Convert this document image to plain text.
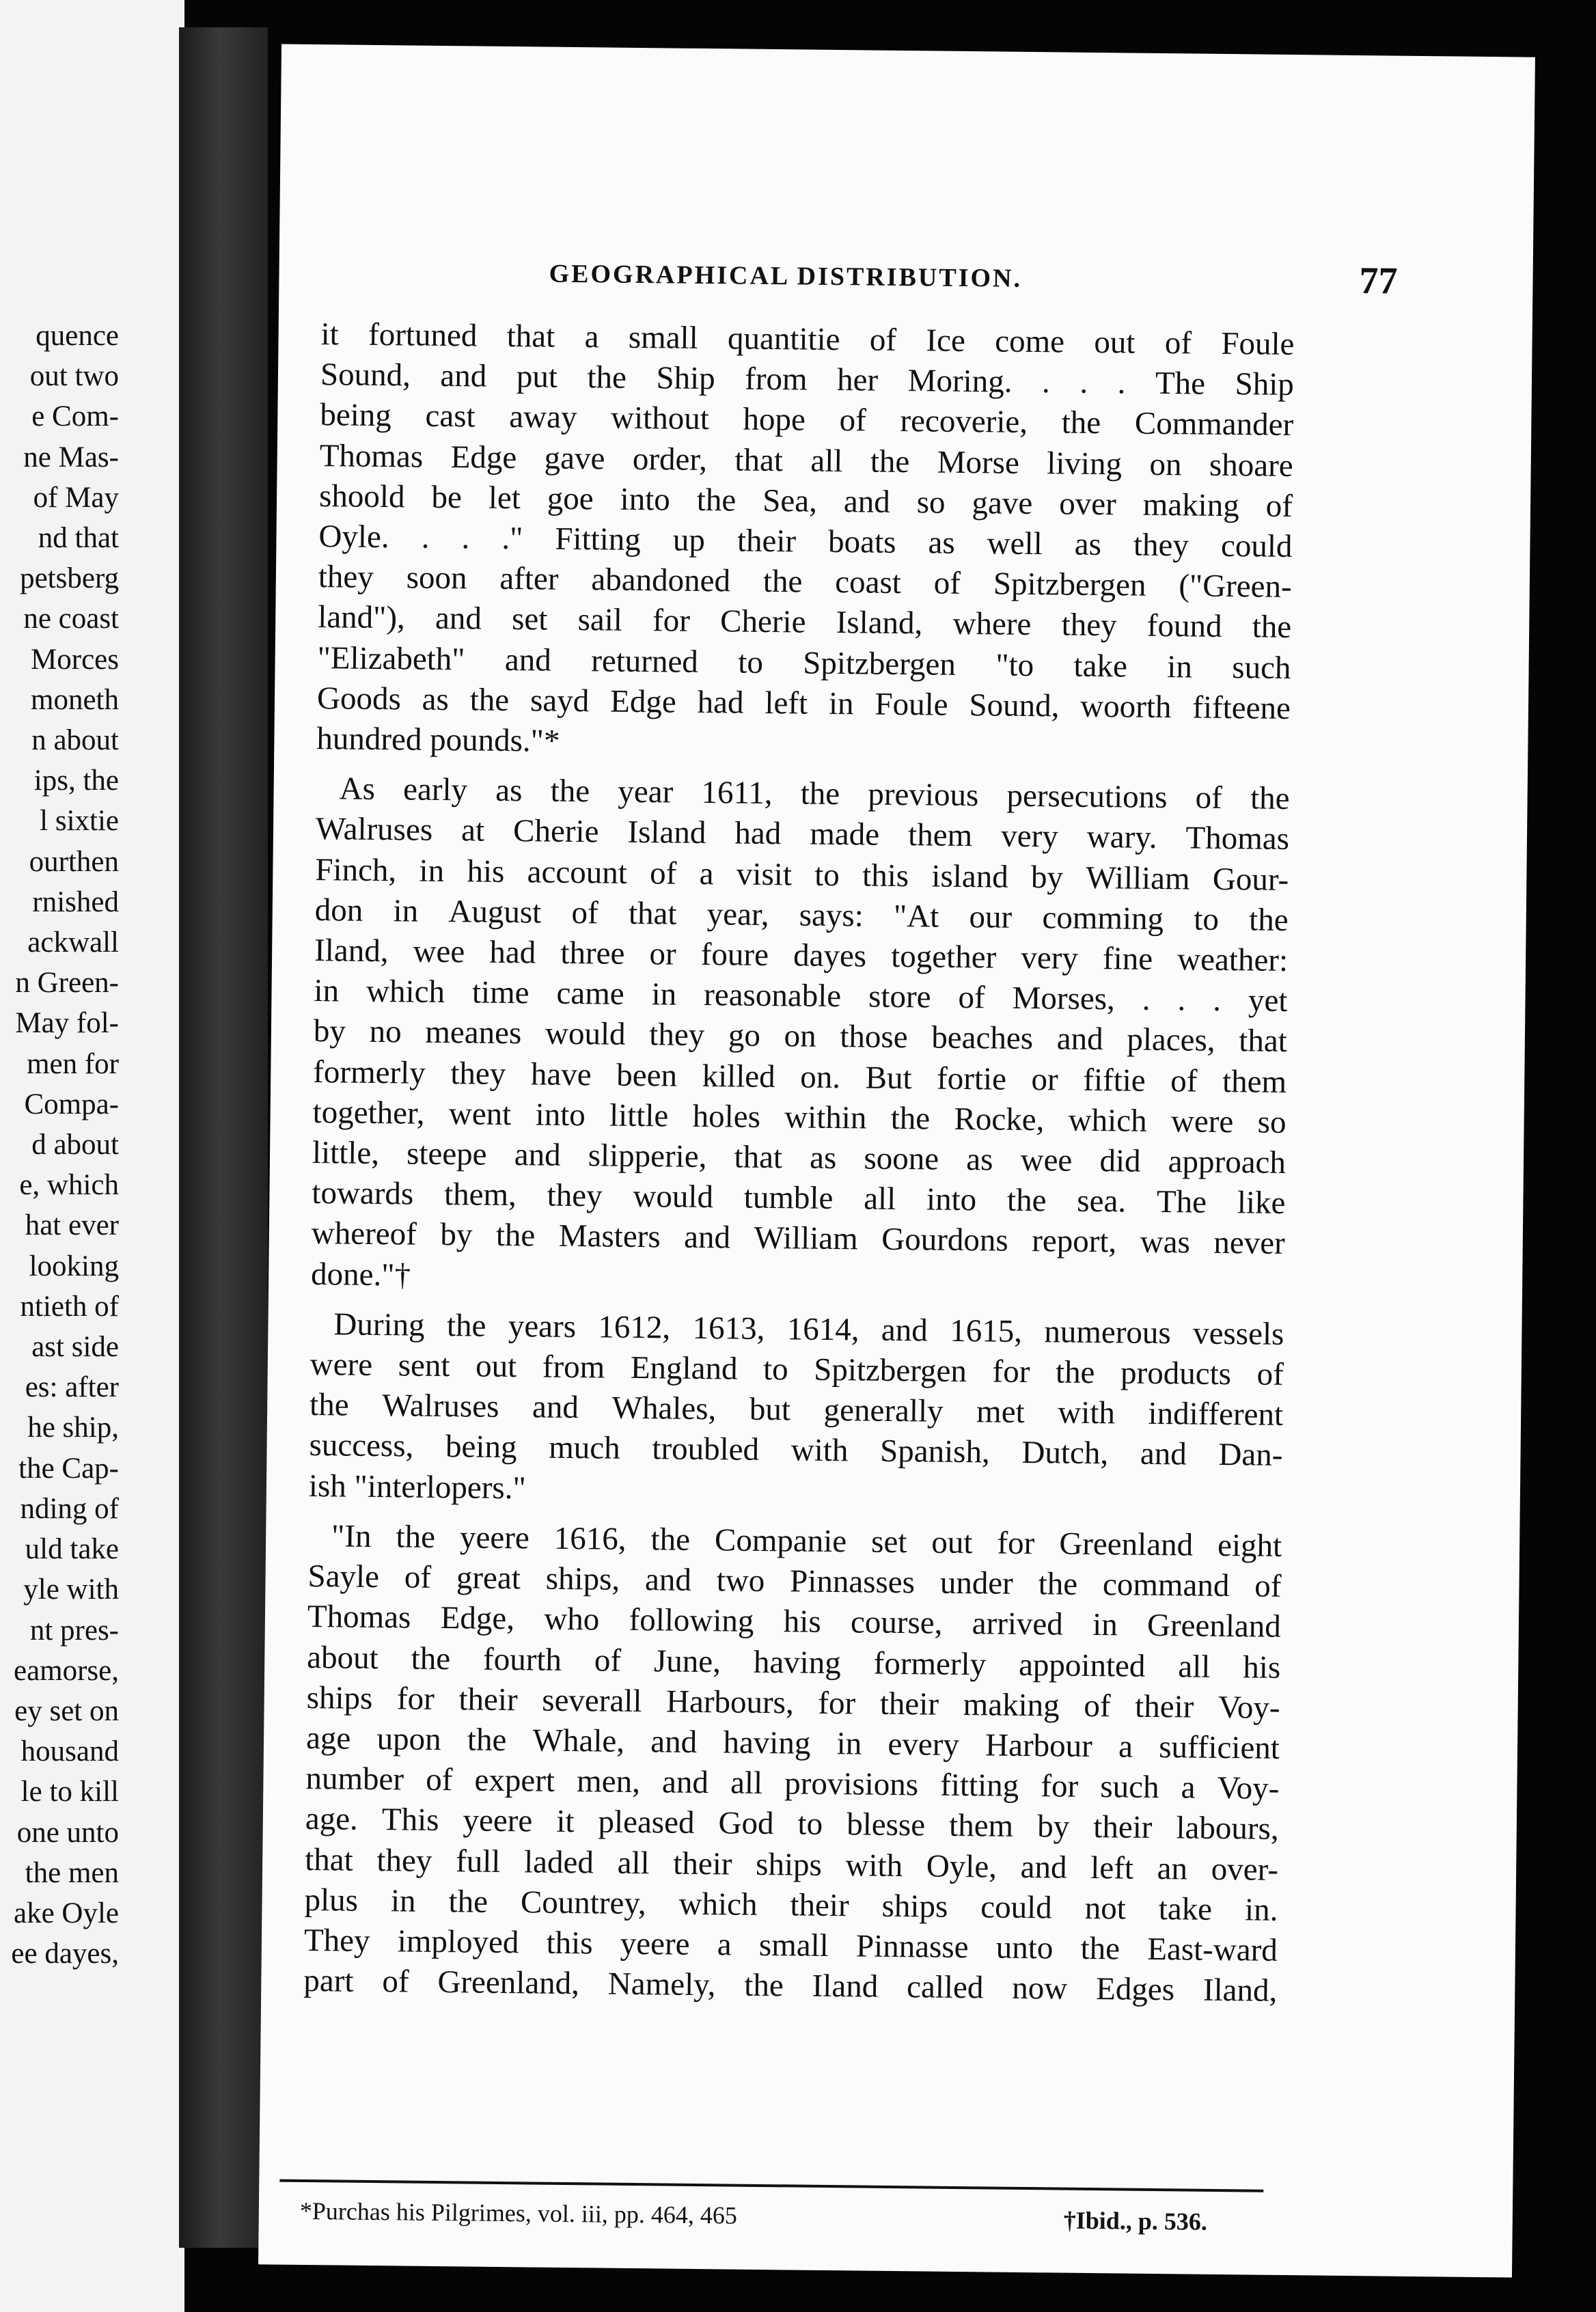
quence
out two
e Com-
ne Mas-
of May
nd that
petsberg
ne coast
Morces
moneth
n about
ips, the
l sixtie
ourthen
rnished
ackwall
n Green-
May fol-
men for
Compa-
d about
e, which
hat ever
looking
ntieth of
ast side
es: after
he ship,
the Cap-
nding of
uld take
yle with
nt pres-
eamorse,
ey set on
housand
le to kill
one unto
the men
ake Oyle
ee dayes,
GEOGRAPHICAL DISTRIBUTION.	77
it fortuned that a small quantitie of Ice come out of Foule
Sound, and put the Ship from her Moring. . . . The Ship
being cast away without hope of recoverie, the Commander
Thomas Edge gave order, that all the Morse living on shoare
shoold be let goe into the Sea, and so gave over making of
Oyle. . . ." Fitting up their boats as well as they could
they soon after abandoned the coast of Spitzbergen ("Green-
land"), and set sail for Cherie Island, where they found the
"Elizabeth" and returned to Spitzbergen "to take in such
Goods as the sayd Edge had left in Foule Sound, woorth fifteene
hundred pounds."*
As early as the year 1611, the previous persecutions of the
Walruses at Cherie Island had made them very wary. Thomas
Finch, in his account of a visit to this island by William Gour-
don in August of that year, says: "At our comming to the
Iland, wee had three or foure dayes together very fine weather:
in which time came in reasonable store of Morses, . . . yet
by no meanes would they go on those beaches and places, that
formerly they have been killed on. But fortie or fiftie of them
together, went into little holes within the Rocke, which were so
little, steepe and slipperie, that as soone as wee did approach
towards them, they would tumble all into the sea. The like
whereof by the Masters and William Gourdons report, was never
done."†
During the years 1612, 1613, 1614, and 1615, numerous vessels
were sent out from England to Spitzbergen for the products of
the Walruses and Whales, but generally met with indifferent
success, being much troubled with Spanish, Dutch, and Dan-
ish "interlopers."
"In the yeere 1616, the Companie set out for Greenland eight
Sayle of great ships, and two Pinnasses under the command of
Thomas Edge, who following his course, arrived in Greenland
about the fourth of June, having formerly appointed all his
ships for their severall Harbours, for their making of their Voy-
age upon the Whale, and having in every Harbour a sufficient
number of expert men, and all provisions fitting for such a Voy-
age. This yeere it pleased God to blesse them by their labours,
that they full laded all their ships with Oyle, and left an over-
plus in the Countrey, which their ships could not take in.
They imployed this yeere a small Pinnasse unto the East-ward
part of Greenland, Namely, the Iland called now Edges Iland,
*Purchas his Pilgrimes, vol. iii, pp. 464, 465	†Ibid., p. 536.
